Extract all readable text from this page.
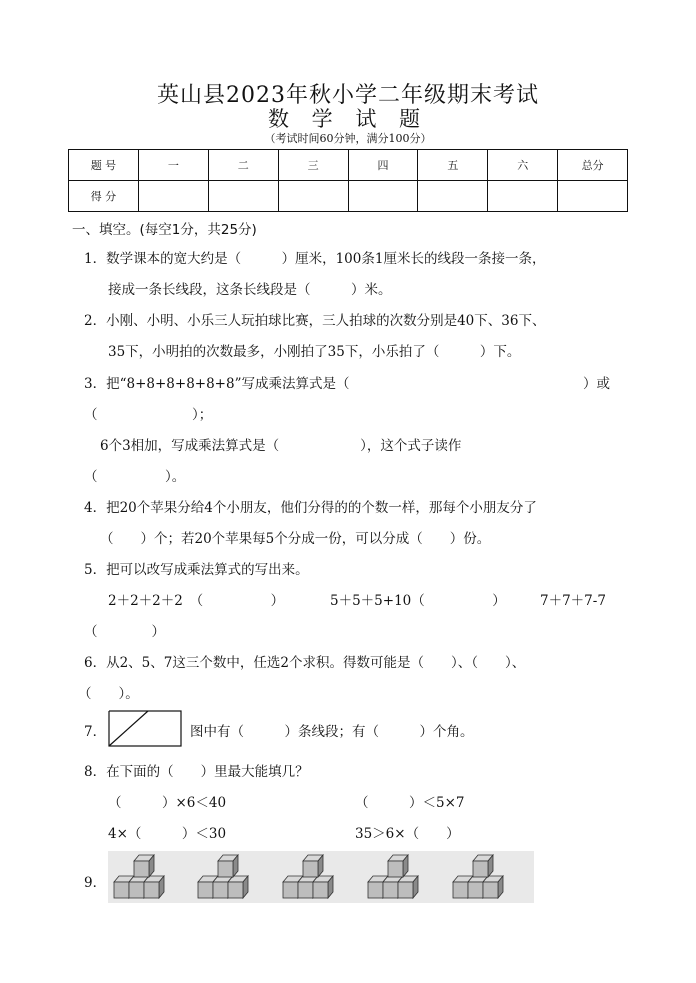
英山县2023年秋小学二年级期末考试
数 学 试 题
（考试时间60分钟，满分100分）
题 号	一	二	三	四	五	六	总分
得 分							
一、填空。(每空1分，共25分)
1．数学课本的宽大约是（　　　）厘米，100条1厘米长的线段一条接一条，
接成一条长线段，这条长线段是（　　　）米。
2．小刚、小明、小乐三人玩拍球比赛，三人拍球的次数分别是40下、36下、
35下，小明拍的次数最多，小刚拍了35下，小乐拍了（　　　）下。
3．把“8+8+8+8+8+8”写成乘法算式是（	）或
（　　　　　　　）；
6个3相加，写成乘法算式是（　　　　　　），这个式子读作
（　　　　　）。
4．把20个苹果分给4个小朋友，他们分得的的个数一样，那每个小朋友分了
（　　）个；若20个苹果每5个分成一份，可以分成（　　）份。
5．把可以改写成乘法算式的写出来。
2＋2＋2＋2　（　　　　　）	5＋5＋5+10（　　　　　）	7＋7＋7-7
（　　　　）
6．从2、5、7这三个数中，任选2个求积。得数可能是（　　）、（　　）、
（　　）。
7．	图中有（　　　）条线段；有（　　　）个角。
8．在下面的（　　）里最大能填几？
（　　　）×6＜40	（　　　）＜5×7
4×（　　　）＜30	35＞6×（　　）
9．
